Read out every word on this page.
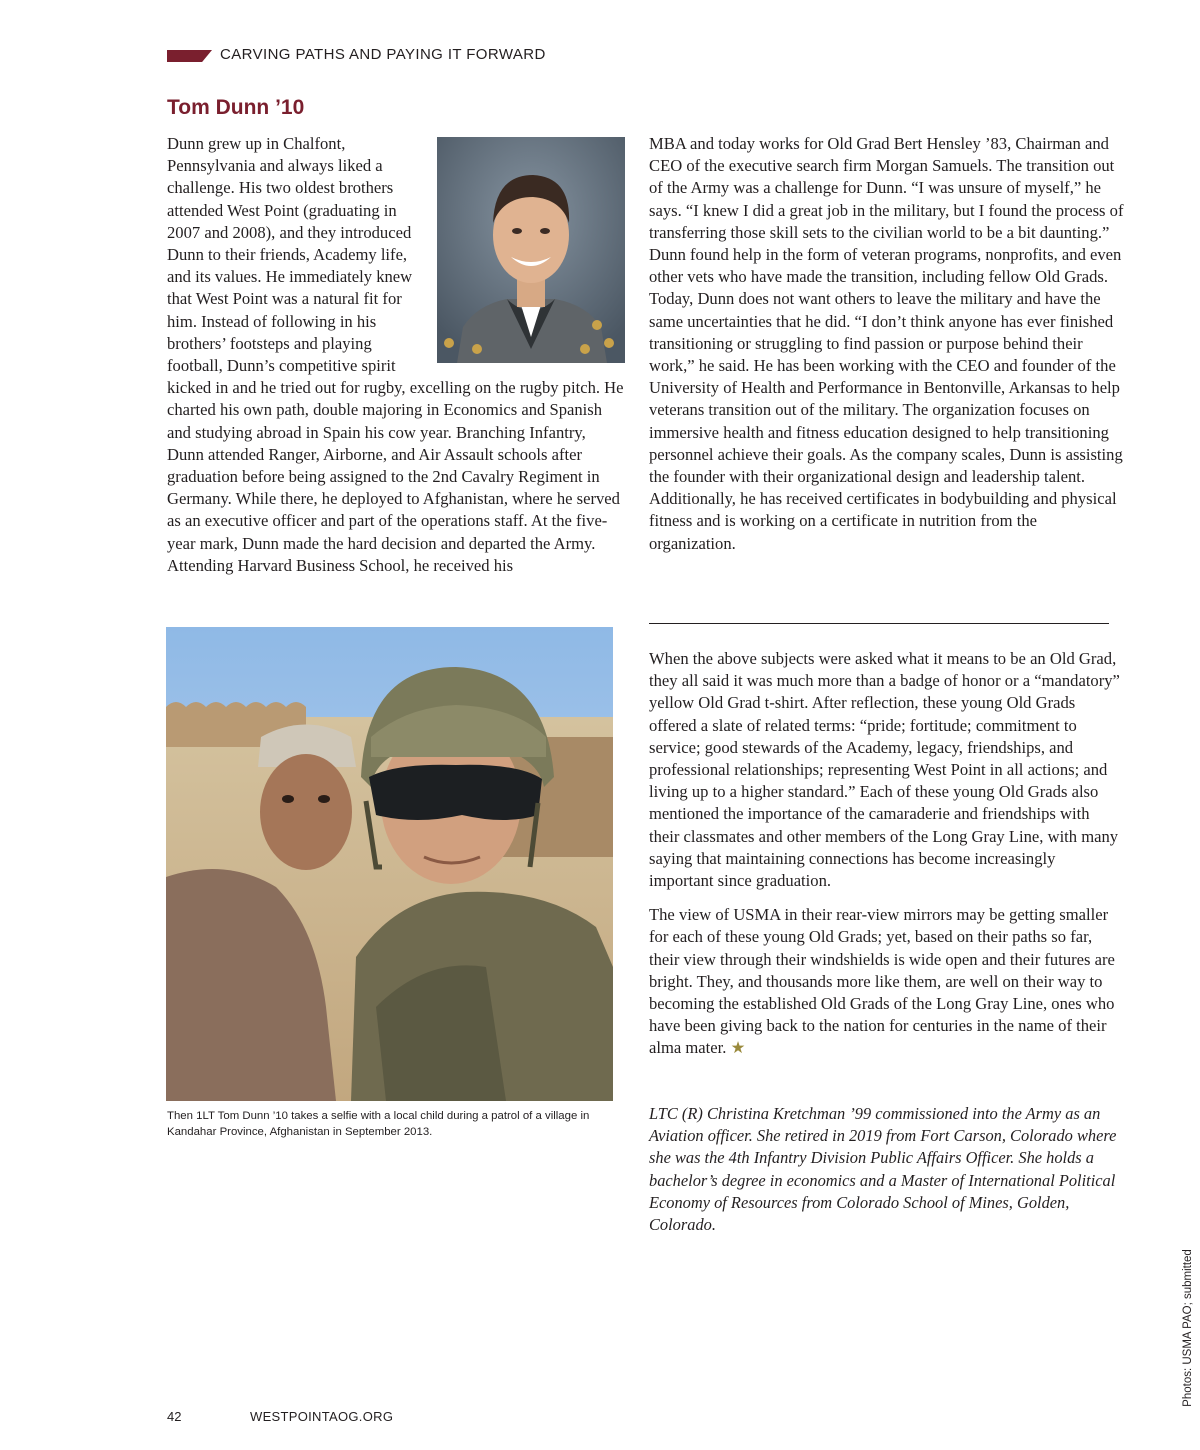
CARVING PATHS AND PAYING IT FORWARD
Tom Dunn ’10

Dunn grew up in Chalfont, Pennsylvania and always liked a challenge. His two oldest brothers attended West Point (graduating in 2007 and 2008), and they introduced Dunn to their friends, Academy life, and its values. He immediately knew that West Point was a natural fit for him. Instead of following in his brothers’ footsteps and playing football, Dunn’s competitive spirit kicked in and he tried out for rugby, excelling on the rugby pitch. He charted his own path, double majoring in Economics and Spanish and studying abroad in Spain his cow year. Branching Infantry, Dunn attended Ranger, Airborne, and Air Assault schools after graduation before being assigned to the 2nd Cavalry Regiment in Germany. While there, he deployed to Afghanistan, where he served as an executive officer and part of the operations staff. At the five-year mark, Dunn made the hard decision and departed the Army. Attending Harvard Business School, he received his

MBA and today works for Old Grad Bert Hensley ’83, Chairman and CEO of the executive search firm Morgan Samuels. The transition out of the Army was a challenge for Dunn. “I was unsure of myself,” he says. “I knew I did a great job in the military, but I found the process of transferring those skill sets to the civilian world to be a bit daunting.” Dunn found help in the form of veteran programs, nonprofits, and even other vets who have made the transition, including fellow Old Grads. Today, Dunn does not want others to leave the military and have the same uncertainties that he did. “I don’t think anyone has ever finished transitioning or struggling to find passion or purpose behind their work,” he said. He has been working with the CEO and founder of the University of Health and Performance in Bentonville, Arkansas to help veterans transition out of the military. The organization focuses on immersive health and fitness education designed to help transitioning personnel achieve their goals. As the company scales, Dunn is assisting the founder with their organizational design and leadership talent. Additionally, he has received certificates in bodybuilding and physical fitness and is working on a certificate in nutrition from the organization.

When the above subjects were asked what it means to be an Old Grad, they all said it was much more than a badge of honor or a “mandatory” yellow Old Grad t-shirt. After reflection, these young Old Grads offered a slate of related terms: “pride; fortitude; commitment to service; good stewards of the Academy, legacy, friendships, and professional relationships; representing West Point in all actions; and living up to a higher standard.” Each of these young Old Grads also mentioned the importance of the camaraderie and friendships with their classmates and other members of the Long Gray Line, with many saying that maintaining connections has become increasingly important since graduation.

The view of USMA in their rear-view mirrors may be getting smaller for each of these young Old Grads; yet, based on their paths so far, their view through their windshields is wide open and their futures are bright. They, and thousands more like them, are well on their way to becoming the established Old Grads of the Long Gray Line, ones who have been giving back to the nation for centuries in the name of their alma mater. ★

LTC (R) Christina Kretchman ’99 commissioned into the Army as an Aviation officer. She retired in 2019 from Fort Carson, Colorado where she was the 4th Infantry Division Public Affairs Officer. She holds a bachelor’s degree in economics and a Master of International Political Economy of Resources from Colorado School of Mines, Golden, Colorado.
Then 1LT Tom Dunn ’10 takes a selfie with a local child during a patrol of a village in Kandahar Province, Afghanistan in September 2013.
Photos: USMA PAO; submitted
42	WESTPOINTAOG.ORG
